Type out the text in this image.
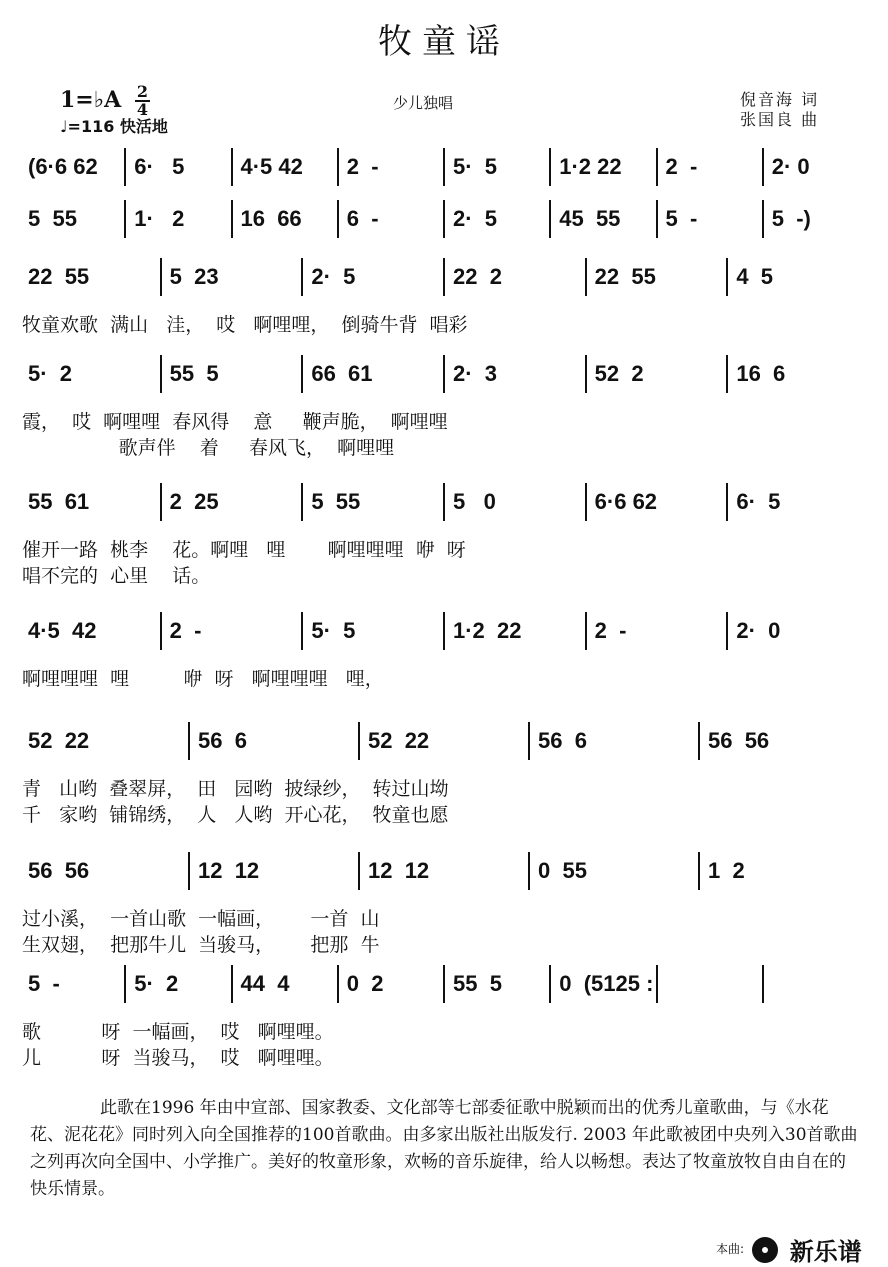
牧童谣
1=♭A $\frac{2}{4}$
♩=116 快活地
少儿独唱	倪音海 词
张国良 曲
(6·6 62 6·   5	4·5 42 2  -	5·  5	1·2 22 2  -	2· 0
5  55	1·   2	16  66 6  -	2·  5	45  55 5  -	5  -)
22  55	5  23	2·  5	22  2	22  55	4  5
牧童欢歌  满山   洼，  哎   啊哩哩，  倒骑牛背  唱彩
5·  2	55  5	66  61	2·  3	52  2	16  6
霞，  哎  啊哩哩  春风得    意     鞭声脆，  啊哩哩
歌声伴    着     春风飞，  啊哩哩
55  61	2  25	5  55	5   0	6·6 62	6·  5
催开一路  桃李    花。啊哩   哩       啊哩哩哩  咿  呀
唱不完的  心里    话。
4·5  42	2  -	5·  5	1·2  22	2  -	2·  0
啊哩哩哩  哩         咿  呀   啊哩哩哩   哩，
52  22	56  6	52  22	56  6	56  56
青   山哟  叠翠屏，  田   园哟  披绿纱，  转过山坳
千   家哟  铺锦绣，  人   人哟  开心花，  牧童也愿
56  56	12  12	12  12	0  55	1  2
过小溪，  一首山歌  一幅画，      一首  山
生双翅，  把那牛儿  当骏马，      把那  牛
5  -	5·  2	44  4	0  2	55  5	0  (5125 :
歌          呀  一幅画，  哎   啊哩哩。
儿          呀  当骏马，  哎   啊哩哩。
此歌在1996 年由中宣部、国家教委、文化部等七部委征歌中脱颖而出的优秀儿童歌曲，与《水花花、泥花花》同时列入向全国推荐的100首歌曲。由多家出版社出版发行. 2003 年此歌被团中央列入30首歌曲之列再次向全国中、小学推广。美好的牧童形象，欢畅的音乐旋律，给人以畅想。表达了牧童放牧自由自在的快乐情景。
本曲: 新乐谱
